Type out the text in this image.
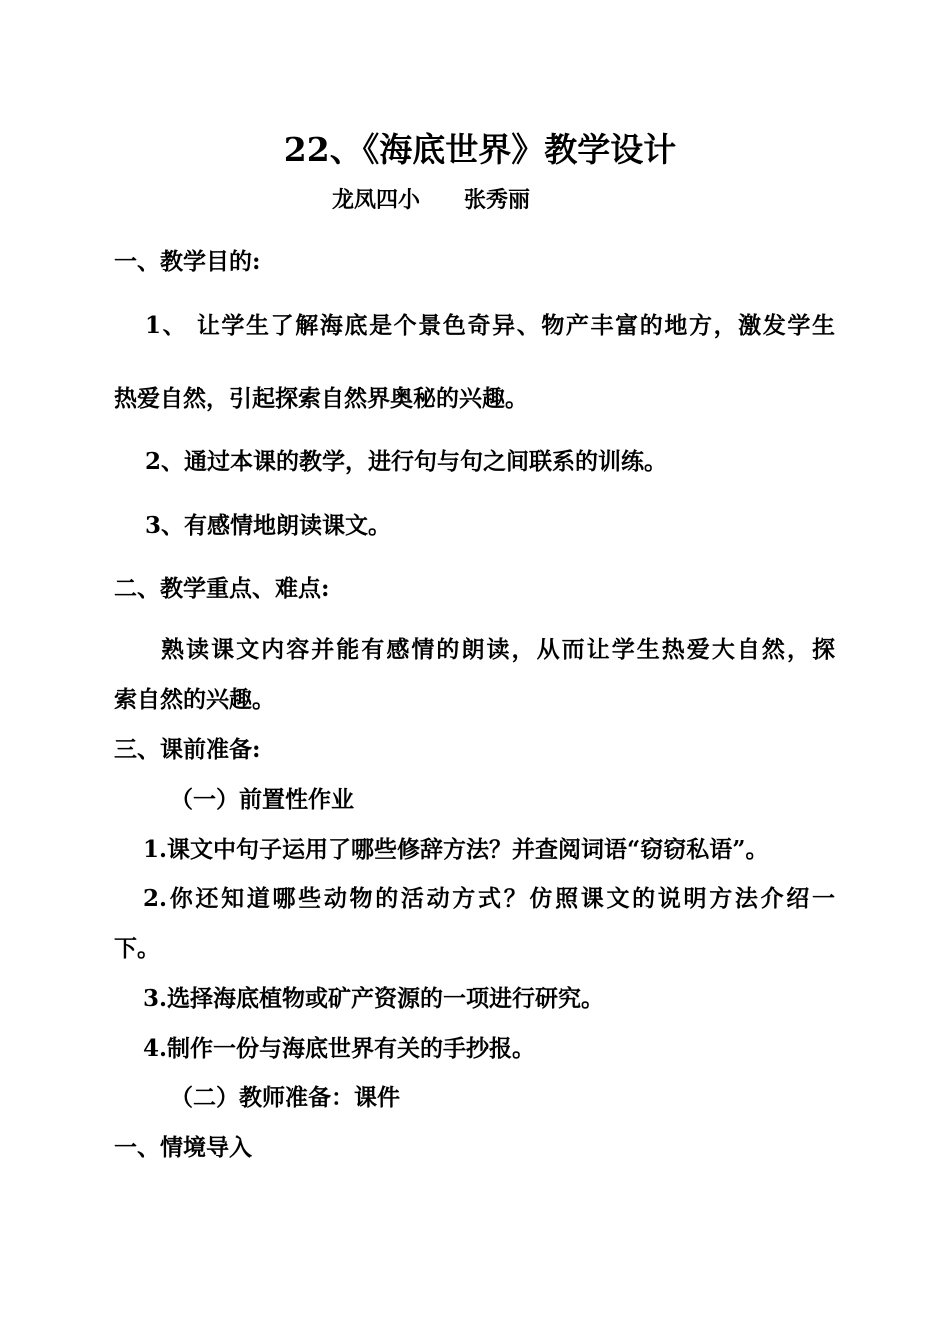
22、《海底世界》教学设计
龙凤四小 张秀丽
一、教学目的:
1、 让学生了解海底是个景色奇异、物产丰富的地方，激发学生
热爱自然，引起探索自然界奥秘的兴趣。
2、通过本课的教学，进行句与句之间联系的训练。
3、有感情地朗读课文。
二、教学重点、难点:
熟读课文内容并能有感情的朗读，从而让学生热爱大自然，探
索自然的兴趣。
三、课前准备:
（一）前置性作业
1.课文中句子运用了哪些修辞方法？并查阅词语“窃窃私语”。
2.你还知道哪些动物的活动方式？仿照课文的说明方法介绍一
下。
3.选择海底植物或矿产资源的一项进行研究。
4.制作一份与海底世界有关的手抄报。
（二）教师准备：课件
一、情境导入
